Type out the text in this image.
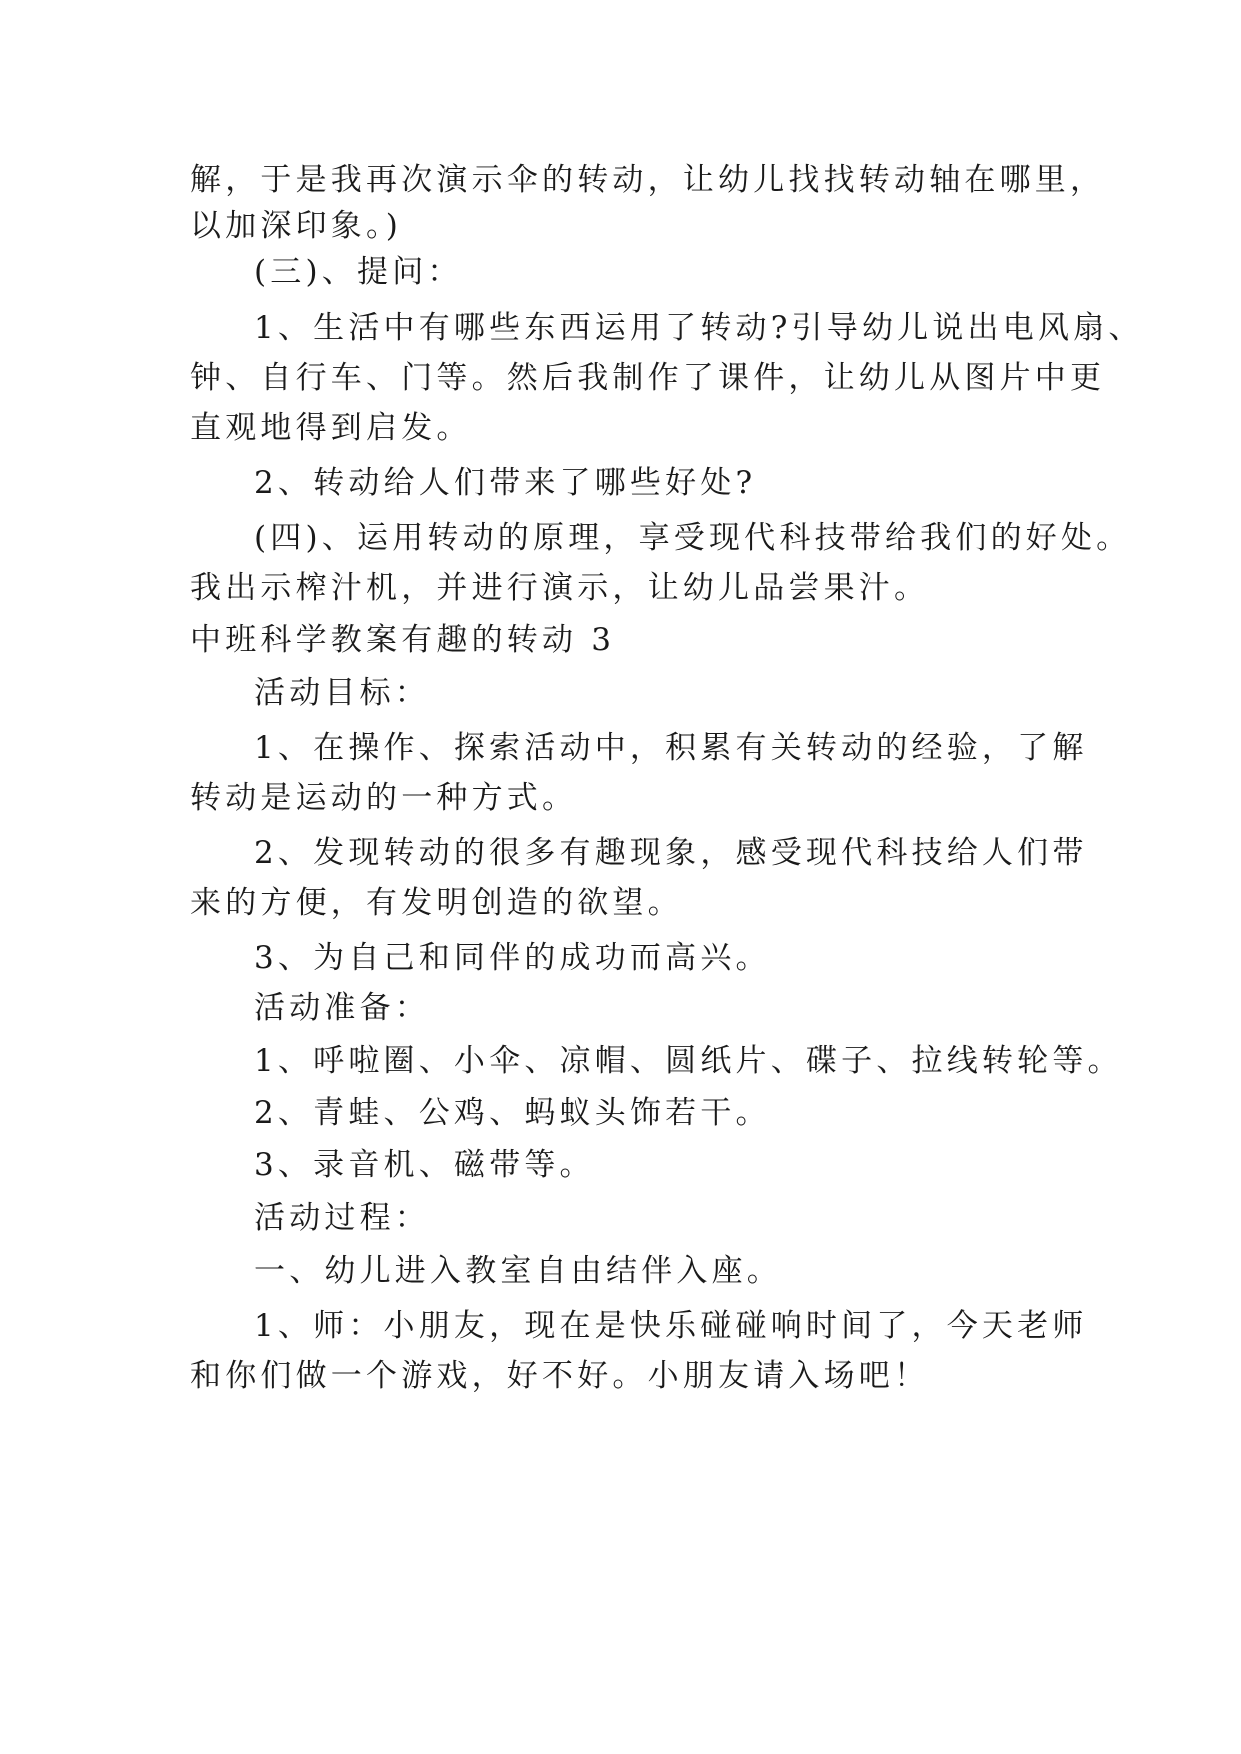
解，于是我再次演示伞的转动，让幼儿找找转动轴在哪里，
以加深印象。)
(三)、提问：
1、生活中有哪些东西运用了转动?引导幼儿说出电风扇、
钟、自行车、门等。然后我制作了课件，让幼儿从图片中更
直观地得到启发。
2、转动给人们带来了哪些好处?
(四)、运用转动的原理，享受现代科技带给我们的好处。
我出示榨汁机，并进行演示，让幼儿品尝果汁。
中班科学教案有趣的转动 3
活动目标：
1、在操作、探索活动中，积累有关转动的经验，了解
转动是运动的一种方式。
2、发现转动的很多有趣现象，感受现代科技给人们带
来的方便，有发明创造的欲望。
3、为自己和同伴的成功而高兴。
活动准备：
1、呼啦圈、小伞、凉帽、圆纸片、碟子、拉线转轮等。
2、青蛙、公鸡、蚂蚁头饰若干。
3、录音机、磁带等。
活动过程：
一、幼儿进入教室自由结伴入座。
1、师：小朋友，现在是快乐碰碰响时间了，今天老师
和你们做一个游戏，好不好。小朋友请入场吧！
